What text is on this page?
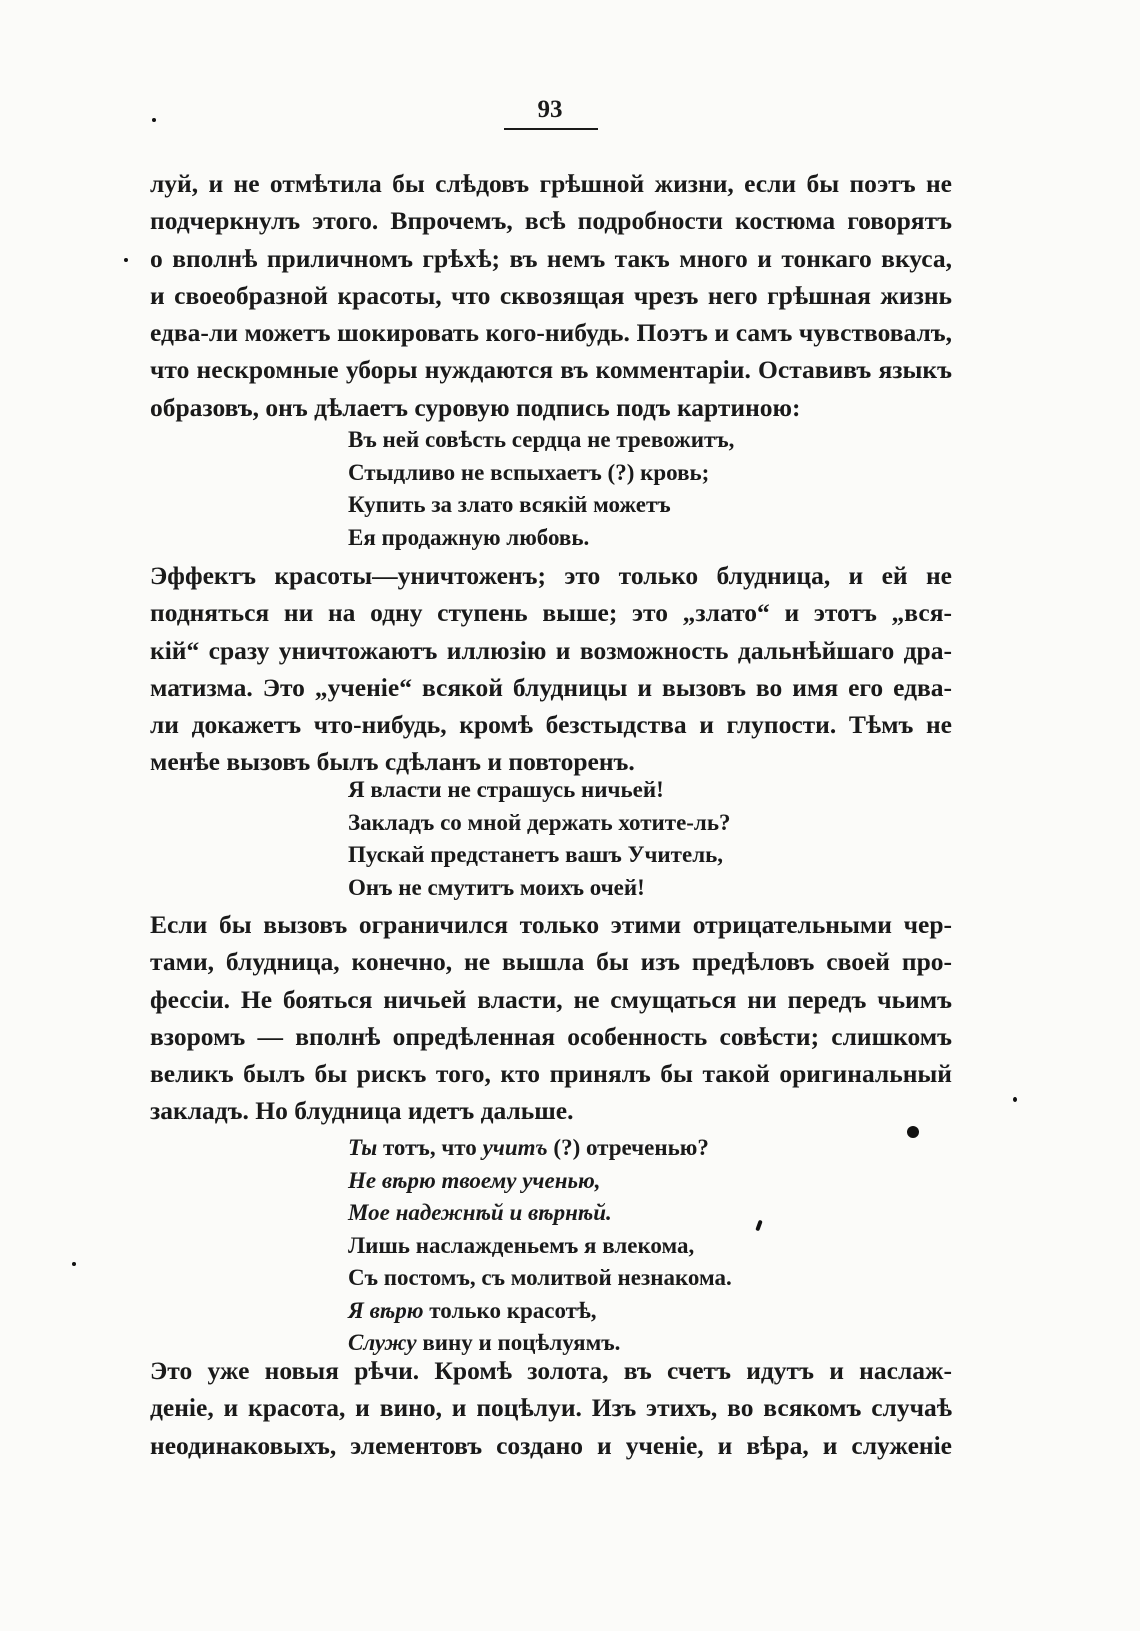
93
луй, и не отмѣтила бы слѣдовъ грѣшной жизни, если бы поэтъ не
подчеркнулъ этого. Впрочемъ, всѣ подробности костюма говорятъ
о вполнѣ приличномъ грѣхѣ; въ немъ такъ много и тонкаго вкуса,
и своеобразной красоты, что сквозящая чрезъ него грѣшная жизнь
едва-ли можетъ шокировать кого-нибудь. Поэтъ и самъ чувствовалъ,
что нескромные уборы нуждаются въ комментаріи. Оставивъ языкъ
образовъ, онъ дѣлаетъ суровую подпись подъ картиною:
Въ ней совѣсть сердца не тревожитъ,
Стыдливо не вспыхаетъ (?) кровь;
Купить за злато всякій можетъ
Ея продажную любовь.
Эффектъ красоты—уничтоженъ; это только блудница, и ей не
подняться ни на одну ступень выше; это „злато“ и этотъ „вся-
кій“ сразу уничтожаютъ иллюзію и возможность дальнѣйшаго дра-
матизма. Это „ученіе“ всякой блудницы и вызовъ во имя его едва-
ли докажетъ что-нибудь, кромѣ безстыдства и глупости. Тѣмъ не
менѣе вызовъ былъ сдѣланъ и повторенъ.
Я власти не страшусь ничьей!
Закладъ со мной держать хотите-ль?
Пускай предстанетъ вашъ Учитель,
Онъ не смутитъ моихъ очей!
Если бы вызовъ ограничился только этими отрицательными чер-
тами, блудница, конечно, не вышла бы изъ предѣловъ своей про-
фессіи. Не бояться ничьей власти, не смущаться ни передъ чьимъ
взоромъ — вполнѣ опредѣленная особенность совѣсти; слишкомъ
великъ былъ бы рискъ того, кто принялъ бы такой оригинальный
закладъ. Но блудница идетъ дальше.
Ты тотъ, что учитъ (?) отреченью?
Не вѣрю твоему ученью,
Мое надежнѣй и вѣрнѣй.
Лишь наслажденьемъ я влекома,
Съ постомъ, съ молитвой незнакома.
Я вѣрю только красотѣ,
Служу вину и поцѣлуямъ.
Это уже новыя рѣчи. Кромѣ золота, въ счетъ идутъ и наслаж-
деніе, и красота, и вино, и поцѣлуи. Изъ этихъ, во всякомъ случаѣ
неодинаковыхъ, элементовъ создано и ученіе, и вѣра, и служеніе
